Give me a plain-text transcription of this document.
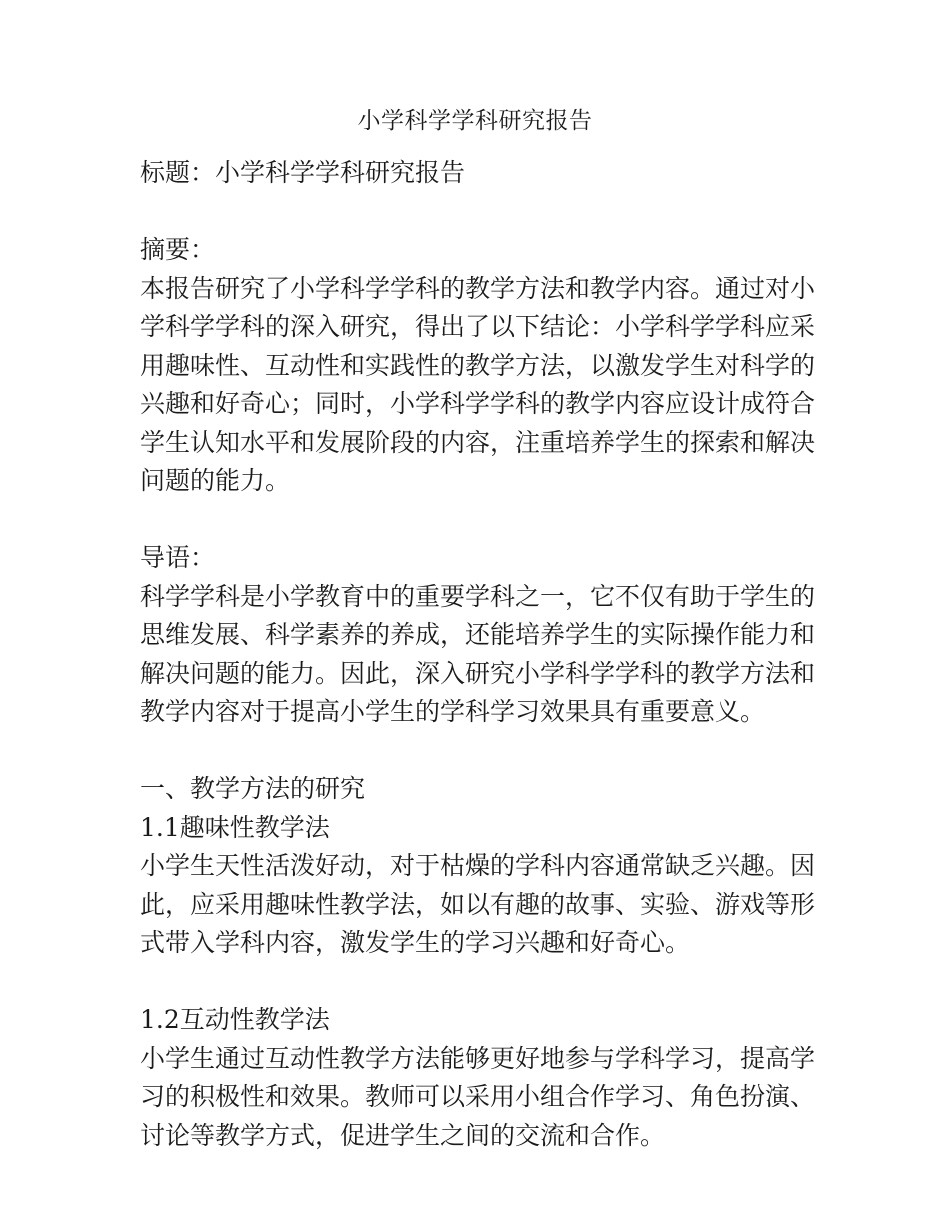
小学科学学科研究报告
标题：小学科学学科研究报告
摘要：
本报告研究了小学科学学科的教学方法和教学内容。通过对小
学科学学科的深入研究，得出了以下结论：小学科学学科应采
用趣味性、互动性和实践性的教学方法，以激发学生对科学的
兴趣和好奇心；同时，小学科学学科的教学内容应设计成符合
学生认知水平和发展阶段的内容，注重培养学生的探索和解决
问题的能力。
导语：
科学学科是小学教育中的重要学科之一，它不仅有助于学生的
思维发展、科学素养的养成，还能培养学生的实际操作能力和
解决问题的能力。因此，深入研究小学科学学科的教学方法和
教学内容对于提高小学生的学科学习效果具有重要意义。
一、教学方法的研究
1.1趣味性教学法
小学生天性活泼好动，对于枯燥的学科内容通常缺乏兴趣。因
此，应采用趣味性教学法，如以有趣的故事、实验、游戏等形
式带入学科内容，激发学生的学习兴趣和好奇心。
1.2互动性教学法
小学生通过互动性教学方法能够更好地参与学科学习，提高学
习的积极性和效果。教师可以采用小组合作学习、角色扮演、
讨论等教学方式，促进学生之间的交流和合作。
